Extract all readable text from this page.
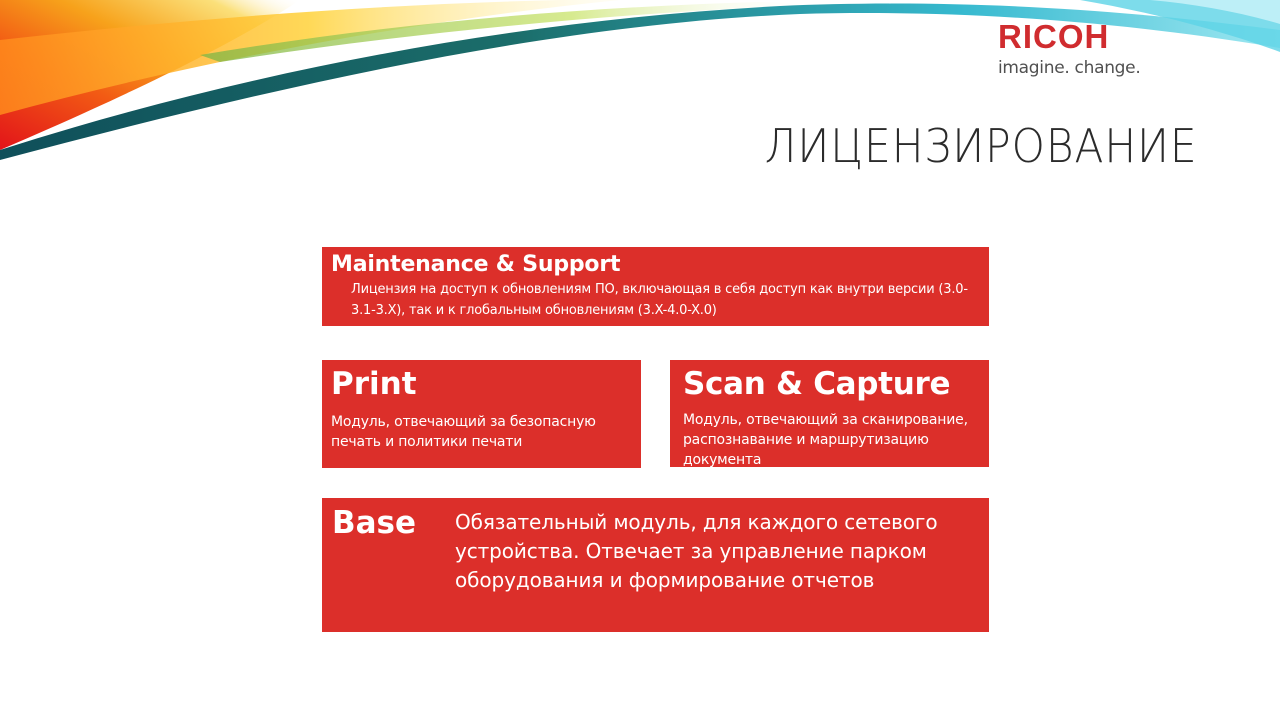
RICOH
imagine. change.
ЛИЦЕНЗИРОВАНИЕ
Maintenance & Support
Лицензия на доступ к обновлениям ПО, включающая в себя доступ как внутри версии (3.0-3.1-3.X), так и к глобальным обновлениям (3.X-4.0-X.0)
Print
Модуль, отвечающий за безопасную печать и политики печати
Scan & Capture
Модуль, отвечающий за сканирование, распознавание и маршрутизацию документа
Base Обязательный модуль, для каждого сетевого устройства. Отвечает за управление парком оборудования и формирование отчетов
